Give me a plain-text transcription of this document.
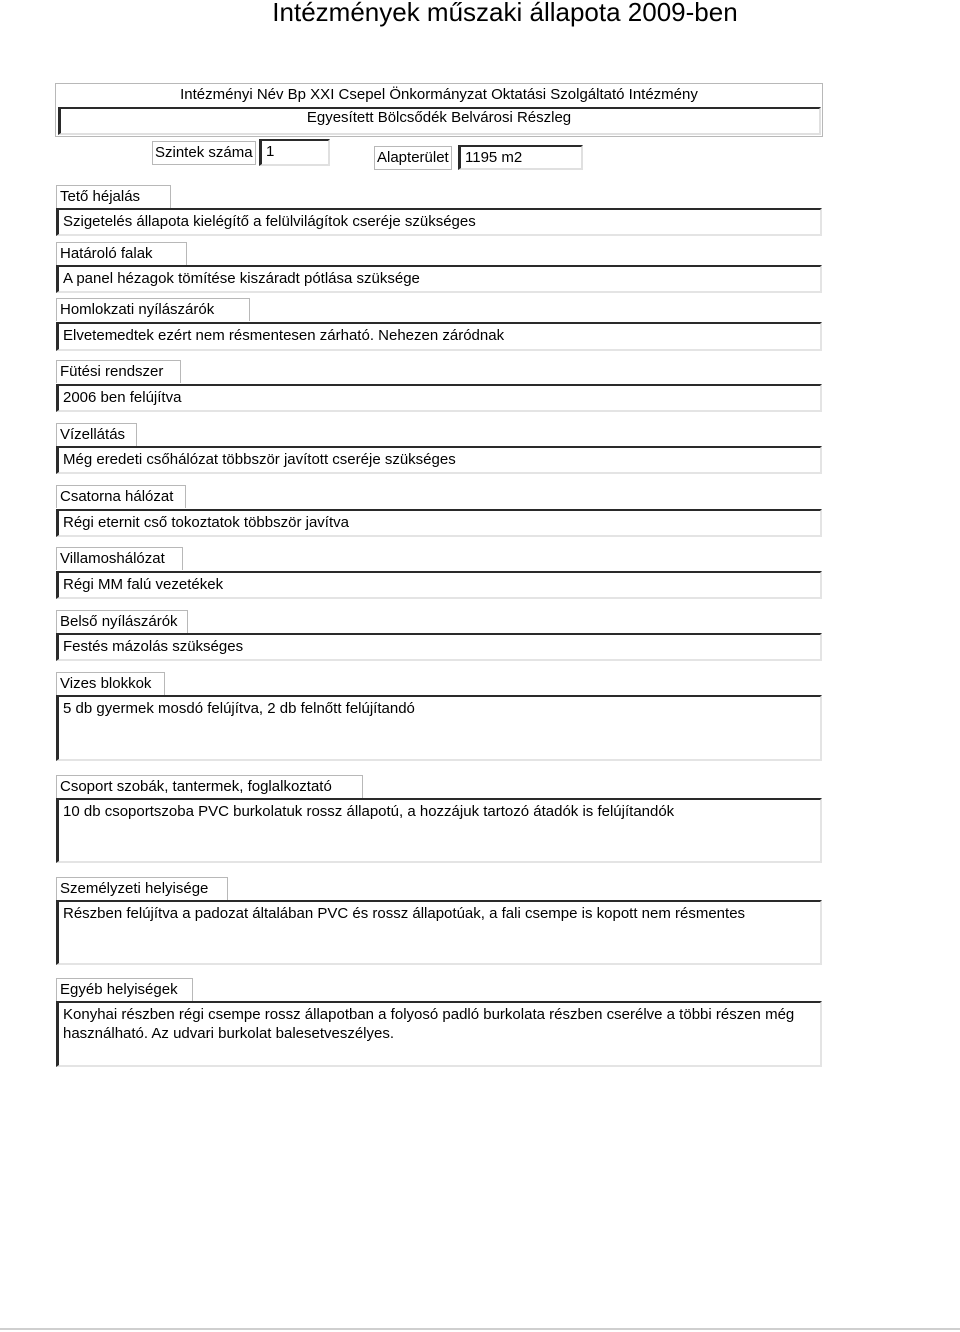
Intézmények műszaki állapota 2009-ben
Intézményi Név Bp XXI Csepel Önkormányzat Oktatási Szolgáltató Intézmény
Egyesített Bölcsődék Belvárosi Részleg
Szintek száma 1	Alapterület	1195 m2
Tető héjalás
Szigetelés állapota kielégítő a felülvilágítok cseréje szükséges
Határoló falak
A panel hézagok tömítése kiszáradt pótlása szüksége
Homlokzati nyílászárók
Elvetemedtek ezért nem résmentesen zárható. Nehezen záródnak
Fütési rendszer
2006 ben felújítva
Vízellátás
Még eredeti csőhálózat többször javított cseréje szükséges
Csatorna hálózat
Régi eternit cső tokoztatok többször javítva
Villamoshálózat
Régi MM falú vezetékek
Belső nyílászárók
Festés mázolás szükséges
Vizes blokkok
5 db gyermek mosdó felújítva, 2 db felnőtt felújítandó
Csoport szobák, tantermek, foglalkoztató
10 db csoportszoba PVC burkolatuk rossz állapotú, a hozzájuk tartozó átadók is felújítandók
Személyzeti helyisége
Részben felújítva a padozat általában PVC és rossz állapotúak, a fali csempe is kopott nem résmentes
Egyéb helyiségek
Konyhai részben régi csempe rossz állapotban a folyosó padló burkolata részben cserélve a többi részen még használható. Az udvari burkolat balesetveszélyes.
